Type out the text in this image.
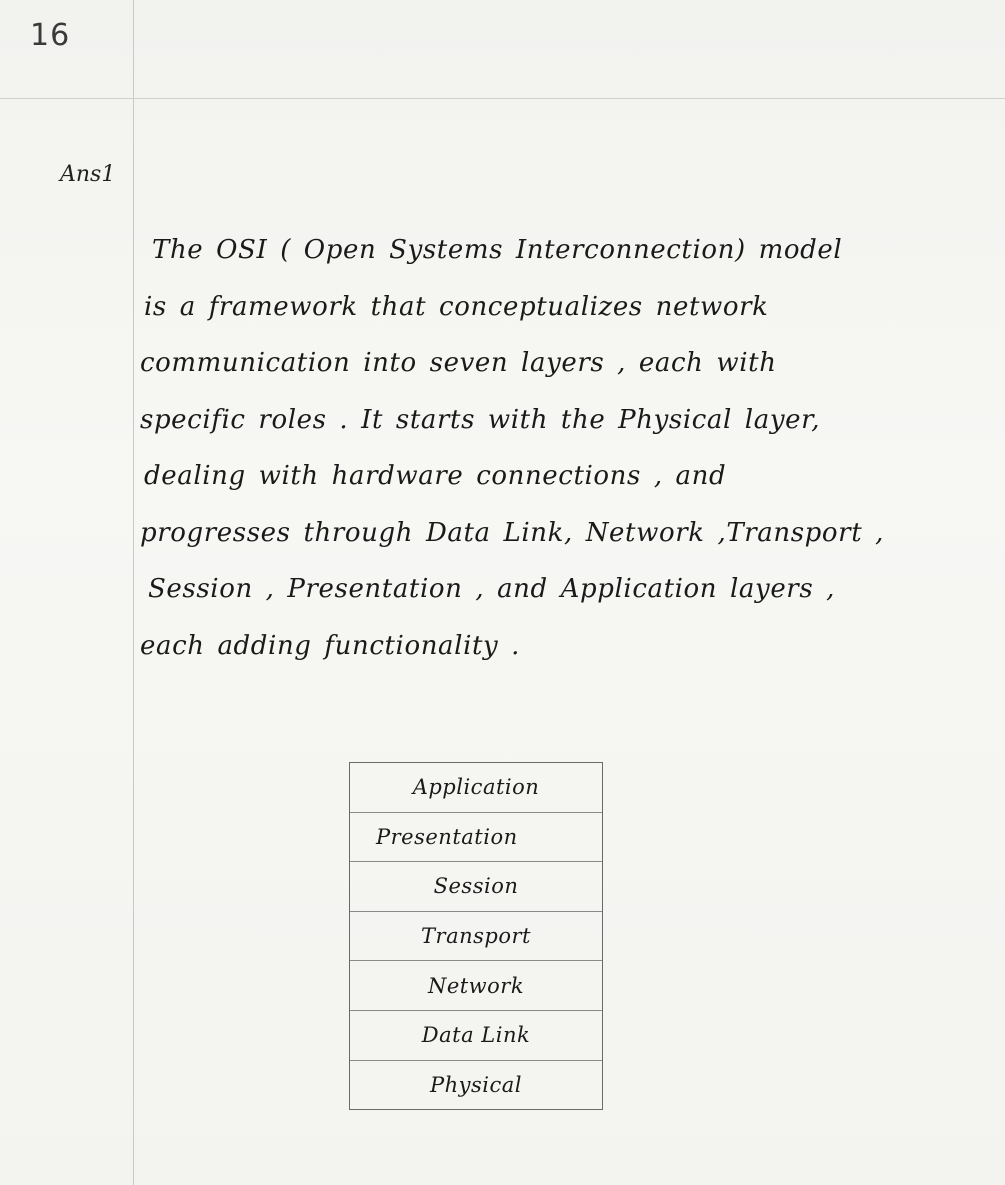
16
Ans1

The OSI ( Open Systems Interconnection) model
is a framework that conceptualizes network
communication into seven layers , each with
specific roles . It starts with the Physical layer,
dealing with hardware connections , and
progresses through Data Link, Network ,Transport ,
Session , Presentation , and Application layers ,
each adding functionality .

Application
Presentation
Session
Transport
Network
Data Link
Physical
